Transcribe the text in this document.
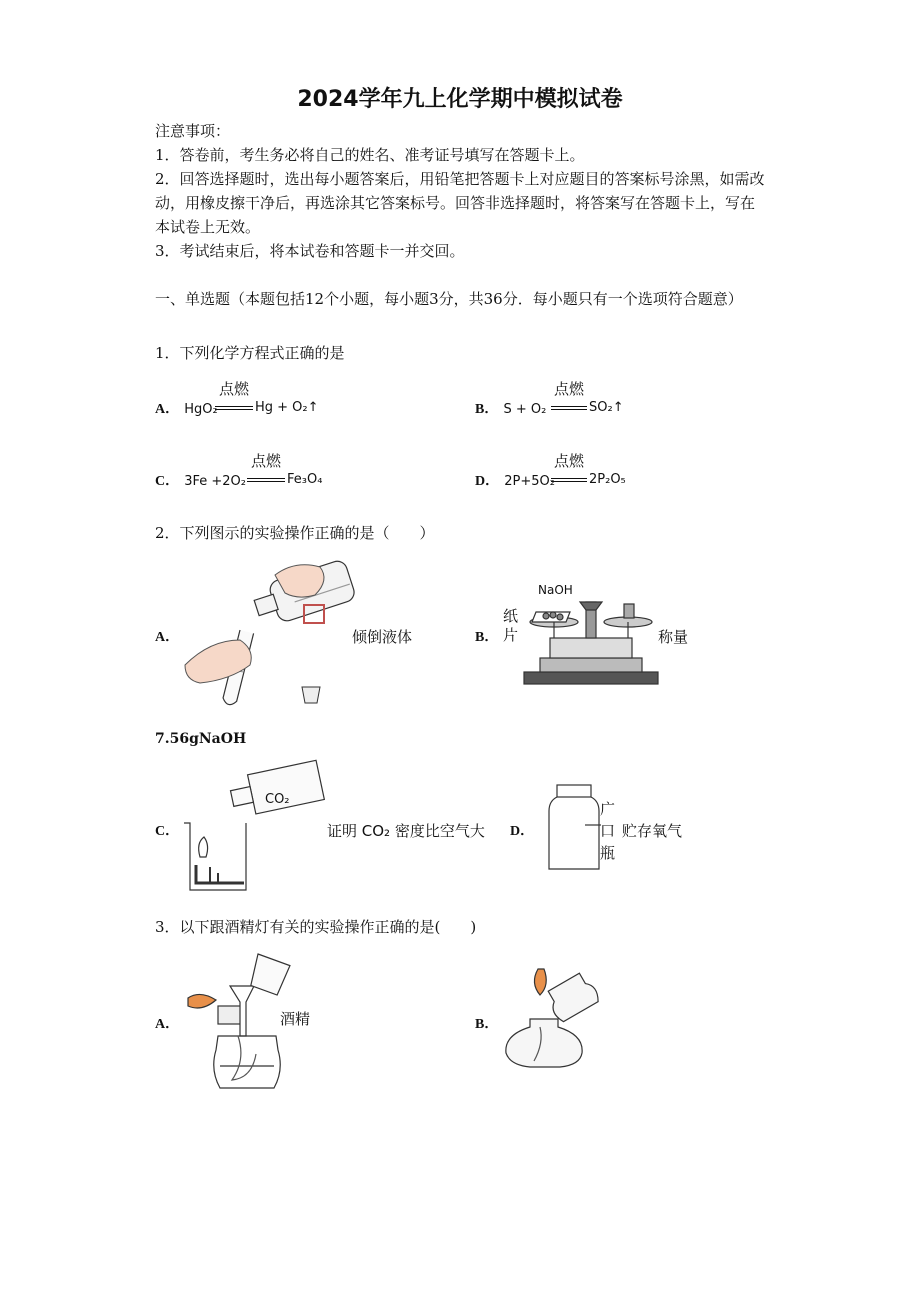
2024学年九上化学期中模拟试卷
注意事项：
1．答卷前，考生务必将自己的姓名、准考证号填写在答题卡上。
2．回答选择题时，选出每小题答案后，用铅笔把答题卡上对应题目的答案标号涂黑，如需改动，用橡皮擦干净后，再选涂其它答案标号。回答非选择题时，将答案写在答题卡上，写在本试卷上无效。
3．考试结束后，将本试卷和答题卡一并交回。
一、单选题（本题包括12个小题，每小题3分，共36分．每小题只有一个选项符合题意）
1．下列化学方程式正确的是
A． HgO₂
点燃
Hg + O₂↑	B． S + O₂
点燃
SO₂↑
C． 3Fe +2O₂
点燃
Fe₃O₄	D． 2P+5O₂
点燃
2P₂O₅
2．下列图示的实验操作正确的是（　　）
A．	倾倒液体	B．
NaOH
纸
片	称量
7.56gNaOH
C．
CO₂
证明 CO₂ 密度比空气大 D．
广
口
瓶
贮存氧气
3．以下跟酒精灯有关的实验操作正确的是(　　)
A．	酒精	B．
